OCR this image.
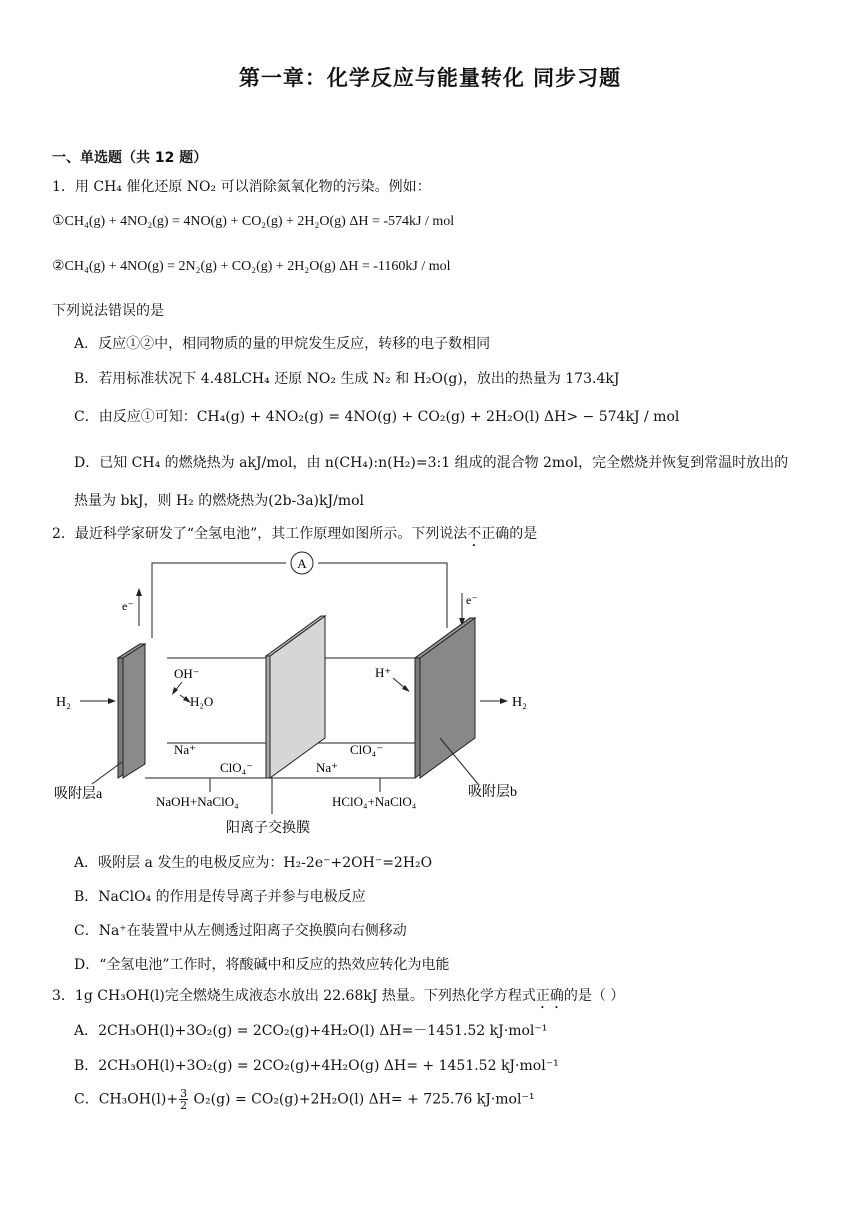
第一章：化学反应与能量转化 同步习题
一、单选题（共 12 题）
1．用 CH₄ 催化还原 NO₂ 可以消除氮氧化物的污染。例如：
①CH₄(g) + 4NO₂(g) = 4NO(g) + CO₂(g) + 2H₂O(g) ΔH = -574kJ / mol
②CH₄(g) + 4NO(g) = 2N₂(g) + CO₂(g) + 2H₂O(g) ΔH = -1160kJ / mol
下列说法错误的是
A．反应①②中，相同物质的量的甲烷发生反应，转移的电子数相同
B．若用标准状况下 4.48LCH₄ 还原 NO₂ 生成 N₂ 和 H₂O(g)，放出的热量为 173.4kJ
C．由反应①可知：CH₄(g) + 4NO₂(g) = 4NO(g) + CO₂(g) + 2H₂O(l) ΔH> − 574kJ / mol
D．已知 CH₄ 的燃烧热为 akJ/mol，由 n(CH₄):n(H₂)=3:1 组成的混合物 2mol，完全燃烧并恢复到常温时放出的
热量为 bkJ，则 H₂ 的燃烧热为(2b-3a)kJ/mol
2．最近科学家研发了“全氢电池”，其工作原理如图所示。下列说法不正确的是
A
e⁻	e⁻
H₂	H₂
OH⁻
H₂O
H⁺
Na⁺
ClO₄⁻
ClO₄⁻
Na⁺
NaOH+NaClO₄	HClO₄+NaClO₄
吸附层a	吸附层b
阳离子交换膜
A．吸附层 a 发生的电极反应为：H₂-2e⁻+2OH⁻=2H₂O
B．NaClO₄ 的作用是传导离子并参与电极反应
C．Na⁺在装置中从左侧透过阳离子交换膜向右侧移动
D．“全氢电池”工作时，将酸碱中和反应的热效应转化为电能
3．1g CH₃OH(l)完全燃烧生成液态水放出 22.68kJ 热量。下列热化学方程式正确的是（ ）
A．2CH₃OH(l)+3O₂(g) = 2CO₂(g)+4H₂O(l) ΔH=－1451.52 kJ·mol⁻¹
B．2CH₃OH(l)+3O₂(g) = 2CO₂(g)+4H₂O(g) ΔH= + 1451.52 kJ·mol⁻¹
C．$CH_3OH(l)+ \frac{3}{2} O_2(g) = CO_2(g)+2H_2O(l) \Delta H= + 725.76$ kJ·mol⁻¹
